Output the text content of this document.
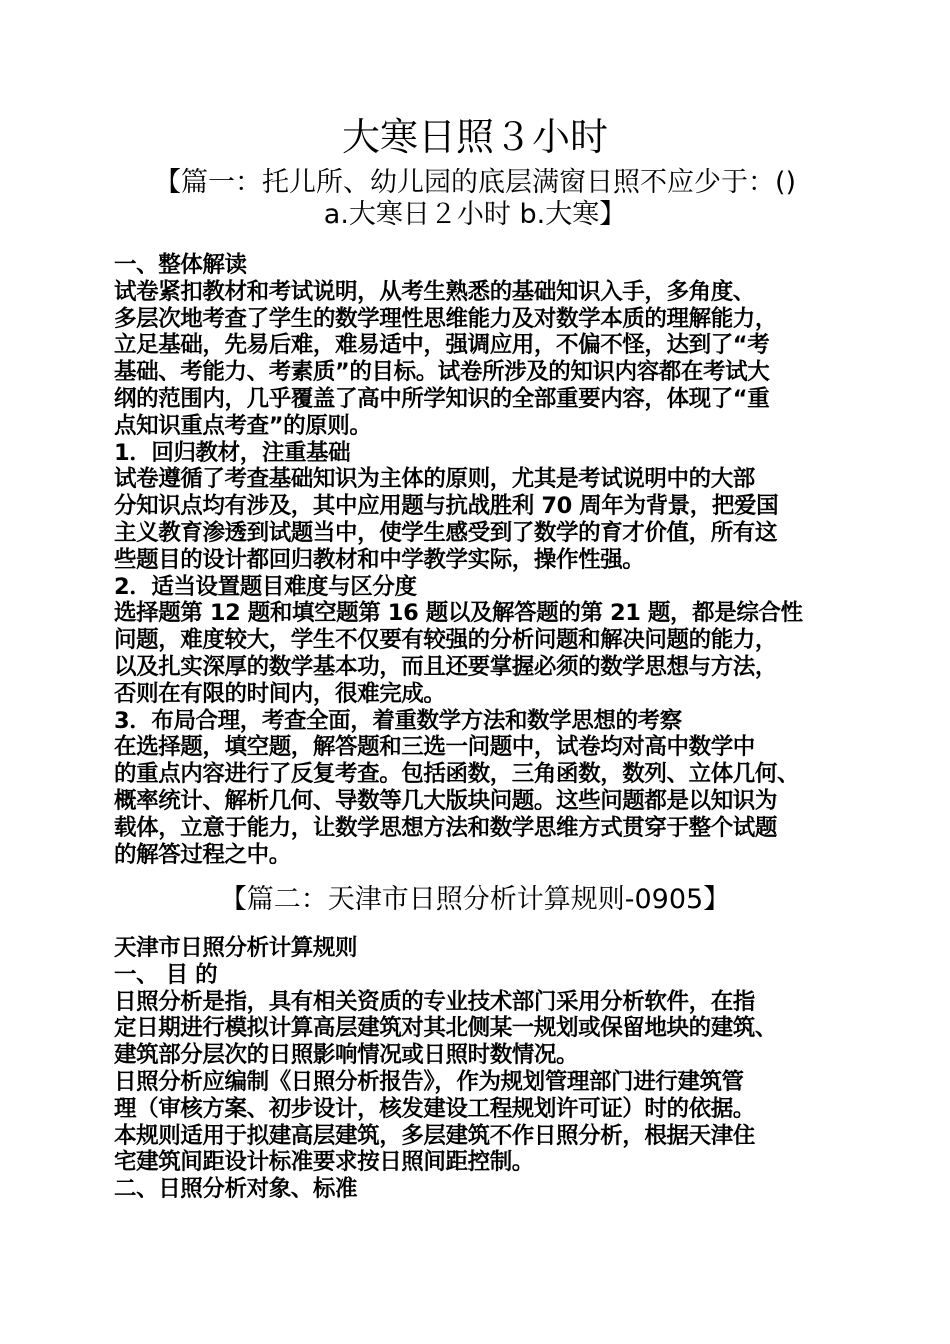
大寒日照３小时
【篇一：托儿所、幼儿园的底层满窗日照不应少于：()
a.大寒日２小时 b.大寒】
一、整体解读
试卷紧扣教材和考试说明，从考生熟悉的基础知识入手，多角度、
多层次地考查了学生的数学理性思维能力及对数学本质的理解能力，
立足基础，先易后难，难易适中，强调应用，不偏不怪，达到了“考
基础、考能力、考素质”的目标。试卷所涉及的知识内容都在考试大
纲的范围内，几乎覆盖了高中所学知识的全部重要内容，体现了“重
点知识重点考查”的原则。
1．回归教材，注重基础
试卷遵循了考查基础知识为主体的原则，尤其是考试说明中的大部
分知识点均有涉及，其中应用题与抗战胜利 70 周年为背景，把爱国
主义教育渗透到试题当中，使学生感受到了数学的育才价值，所有这
些题目的设计都回归教材和中学教学实际，操作性强。
2．适当设置题目难度与区分度
选择题第 12 题和填空题第 16 题以及解答题的第 21 题，都是综合性
问题，难度较大，学生不仅要有较强的分析问题和解决问题的能力，
以及扎实深厚的数学基本功，而且还要掌握必须的数学思想与方法，
否则在有限的时间内，很难完成。
3．布局合理，考查全面，着重数学方法和数学思想的考察
在选择题，填空题，解答题和三选一问题中，试卷均对高中数学中
的重点内容进行了反复考查。包括函数，三角函数，数列、立体几何、
概率统计、解析几何、导数等几大版块问题。这些问题都是以知识为
载体，立意于能力，让数学思想方法和数学思维方式贯穿于整个试题
的解答过程之中。
【篇二：天津市日照分析计算规则-0905】
天津市日照分析计算规则
一、 目 的
日照分析是指，具有相关资质的专业技术部门采用分析软件，在指
定日期进行模拟计算高层建筑对其北侧某一规划或保留地块的建筑、
建筑部分层次的日照影响情况或日照时数情况。
日照分析应编制《日照分析报告》，作为规划管理部门进行建筑管
理（审核方案、初步设计，核发建设工程规划许可证）时的依据。
本规则适用于拟建高层建筑，多层建筑不作日照分析，根据天津住
宅建筑间距设计标准要求按日照间距控制。
二、日照分析对象、标准
